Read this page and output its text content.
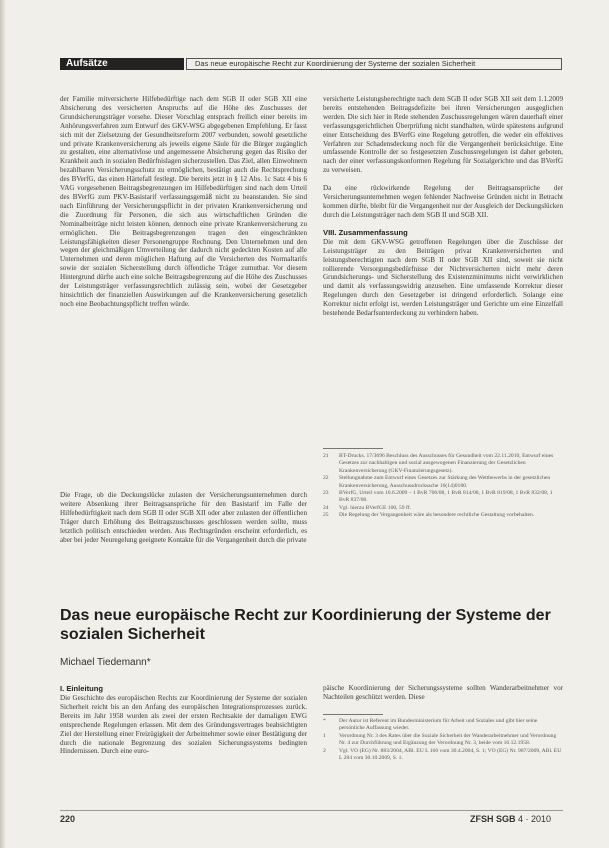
Aufsätze	Das neue europäische Recht zur Koordinierung der Systeme der sozialen Sicherheit

der Familie mitversicherte Hilfebedürftige nach dem SGB II oder SGB XII eine Absicherung des versicherten Anspruchs auf die Höhe des Zuschusses der Grundsicherungsträger vorsehe. Dieser Vorschlag entsprach freilich einer bereits im Anhörungsverfahren zum Entwurf des GKV-WSG abgegebenen Empfehlung. Er fasst sich mit der Zielsetzung der Gesundheitsreform 2007 verbunden, sowohl gesetzliche und private Krankenversicherung als jeweils eigene Säule für die Bürger zugänglich zu gestalten, eine alternativlose und angemessene Absicherung gegen das Risiko der Krankheit auch in sozialen Bedürfnislagen sicherzustellen. Das Ziel, allen Einwohnern bezahlbaren Versicherungsschutz zu ermöglichen, bestätigt auch die Rechtsprechung des BVerfG, das einen Härtefall festlegt. Die bereits jetzt in § 12 Abs. 1c Satz 4 bis 6 VAG vorgesehenen Beitragsbegrenzungen im Hilfebedürftigen sind nach dem Urteil des BVerfG zum PKV-Basistarif verfassungsgemäß nicht zu beanstanden. Sie sind nach Einführung der Versicherungspflicht in der privaten Krankenversicherung und die Zuordnung für Personen, die sich aus wirtschaftlichen Gründen die Nominalbeiträge nicht leisten können, dennoch eine private Krankenversicherung zu ermöglichen. Die Beitragsbegrenzungen tragen den eingeschränkten Leistungsfähigkeiten dieser Personengruppe Rechnung. Den Unternehmen und den wegen der gleichmäßigen Umverteilung der dadurch nicht gedeckten Kosten auf alle Unternehmen und deren möglichen Haftung auf die Versicherten des Normaltarifs sowie der sozialen Sicherstellung durch öffentliche Träger zumutbar. Vor diesem Hintergrund dürfte auch eine solche Beitragsbegrenzung auf die Höhe des Zuschusses der Leistungsträger verfassungsrechtlich zulässig sein, wobei der Gesetzgeber hinsichtlich der finanziellen Auswirkungen auf die Krankenversicherung gesetzlich noch eine Beobachtungspflicht treffen würde.

Die Frage, ob die Deckungslücke zulasten der Versicherungsunternehmen durch weitere Absenkung ihrer Beitragsansprüche für den Basistarif im Falle der Hilfebedürftigkeit nach dem SGB II oder SGB XII oder aber zulasten der öffentlichen Träger durch Erhöhung des Beitragszuschusses geschlossen werden sollte, muss letztlich politisch entschieden werden. Aus Rechtsgründen erscheint erforderlich, es aber bei jeder Neuregelung geeignete Kontakte für die Vergangenheit durch die private

versicherte Leistungsberechtigte nach dem SGB II oder SGB XII seit dem 1.1.2009 bereits entstehenden Beitragsdefizite bei ihren Versicherungen ausgeglichen werden. Die sich hier in Rede stehenden Zuschussregelungen wären dauerhaft einer verfassungsgerichtlichen Überprüfung nicht standhalten, würde spätestens aufgrund einer Entscheidung des BVerfG eine Regelung getroffen, die weder ein effektives Verfahren zur Schadensdeckung noch für die Vergangenheit berücksichtige. Eine umfassende Kontrolle der so festgesetzten Zuschussregelungen ist daher geboten, nach der einer verfassungskonformen Regelung für Sozialgerichte und das BVerfG zu verweisen.

Da eine rückwirkende Regelung der Beitragsansprüche der Versicherungsunternehmen wegen fehlender Nachweise Gründen nicht in Betracht kommen dürfte, bleibt für die Vergangenheit nur der Ausgleich der Deckungslücken durch die Leistungsträger nach dem SGB II und SGB XII.

VIII. Zusammenfassung

Die mit dem GKV-WSG getroffenen Regelungen über die Zuschüsse der Leistungsträger zu den Beiträgen privat Krankenversicherten und leistungsberechtigten nach dem SGB II oder SGB XII sind, soweit sie nicht rollierende Versorgungsbedürfnisse der Nichtversicherten nicht mehr deren Grundsicherungs- und Sicherstellung des Existenzminimums nicht verwirklichen und damit als verfassungswidrig anzusehen. Eine umfassende Korrektur dieser Regelungen durch den Gesetzgeber ist dringend erforderlich. Solange eine Korrektur nicht erfolgt ist, werden Leistungsträger und Gerichte um eine Einzelfall bestehende Bedarfsunterdeckung zu verhindern haben.

21	BT-Drucks. 17/3696 Beschluss des Ausschusses für Gesundheit vom 22.11.2010, Entwurf eines Gesetzes zur nachhaltigen und sozial ausgewogenen Finanzierung der Gesetzlichen Krankenversicherung (GKV-Finanzierungsgesetz).
22	Stellungnahme zum Entwurf eines Gesetzes zur Stärkung des Wettbewerbs in der gesetzlichen Krankenversicherung, Ausschussdrucksache 16(14)0180.
23	BVerfG, Urteil vom 10.6.2009 – 1 BvR 706/08, 1 BvR 814/08, 1 BvR 819/08, 1 BvR 832/08, 1 BvR 837/08.
24	Vgl. hierzu BVerfGE 100, 59 ff.
25	Die Regelung der Vergangenheit wäre als besondere rechtliche Gestaltung vorbehalten.
Das neue europäische Recht zur Koordinierung der Systeme der sozialen Sicherheit
Michael Tiedemann*
I. Einleitung

Die Geschichte des europäischen Rechts zur Koordinierung der Systeme der sozialen Sicherheit reicht bis an den Anfang des europäischen Integrationsprozesses zurück. Bereits im Jahr 1958 wurden als zwei der ersten Rechtsakte der damaligen EWG entsprechende Regelungen erlassen. Mit dem des Gründungsvertrages beabsichtigten Ziel der Herstellung einer Freizügigkeit der Arbeitnehmer sowie einer Bestätigung der durch die nationale Begrenzung des sozialen Sicherungssystems bedingten Hindernissen. Durch eine euro-

päische Koordinierung der Sicherungssysteme sollten Wanderarbeitnehmer vor Nachteilen geschützt werden. Diese

*	Der Autor ist Referent im Bundesministerium für Arbeit und Soziales und gibt hier seine persönliche Auffassung wieder.
1	Verordnung Nr. 3 des Rates über die Soziale Sicherheit der Wanderarbeitnehmer und Verordnung Nr. 4 zur Durchführung und Ergänzung der Verordnung Nr. 3, beide vom 16.12.1958.
2	Vgl. VO (EG) Nr. 883/2004, ABl. EU L 166 vom 30.4.2004, S. 1; VO (EG) Nr. 987/2009, ABl. EU L 284 vom 30.10.2009, S. 1.
220	ZFSH SGB 4 · 2010
